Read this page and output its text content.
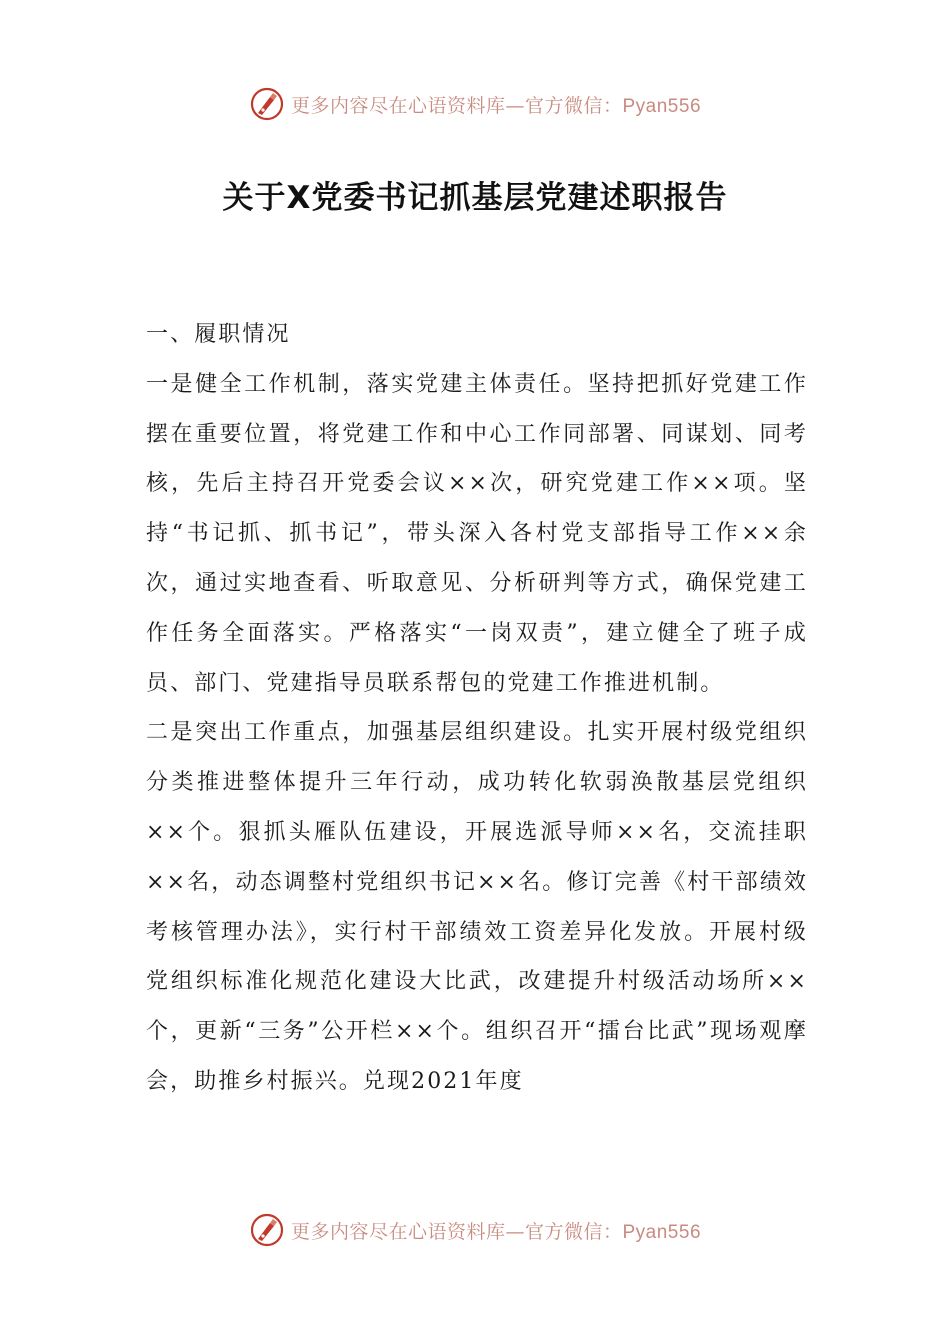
更多内容尽在心语资料库—官方微信：Pyan556
关于X党委书记抓基层党建述职报告

一、履职情况

一是健全工作机制，落实党建主体责任。坚持把抓好党建工作摆在重要位置，将党建工作和中心工作同部署、同谋划、同考核，先后主持召开党委会议××次，研究党建工作××项。坚持“书记抓、抓书记”，带头深入各村党支部指导工作××余次，通过实地查看、听取意见、分析研判等方式，确保党建工作任务全面落实。严格落实“一岗双责”，建立健全了班子成员、部门、党建指导员联系帮包的党建工作推进机制。

二是突出工作重点，加强基层组织建设。扎实开展村级党组织分类推进整体提升三年行动，成功转化软弱涣散基层党组织××个。狠抓头雁队伍建设，开展选派导师××名，交流挂职××名，动态调整村党组织书记××名。修订完善《村干部绩效考核管理办法》，实行村干部绩效工资差异化发放。开展村级党组织标准化规范化建设大比武，改建提升村级活动场所××个，更新“三务”公开栏××个。组织召开“擂台比武”现场观摩会，助推乡村振兴。兑现2021年度

更多内容尽在心语资料库—官方微信：Pyan556
